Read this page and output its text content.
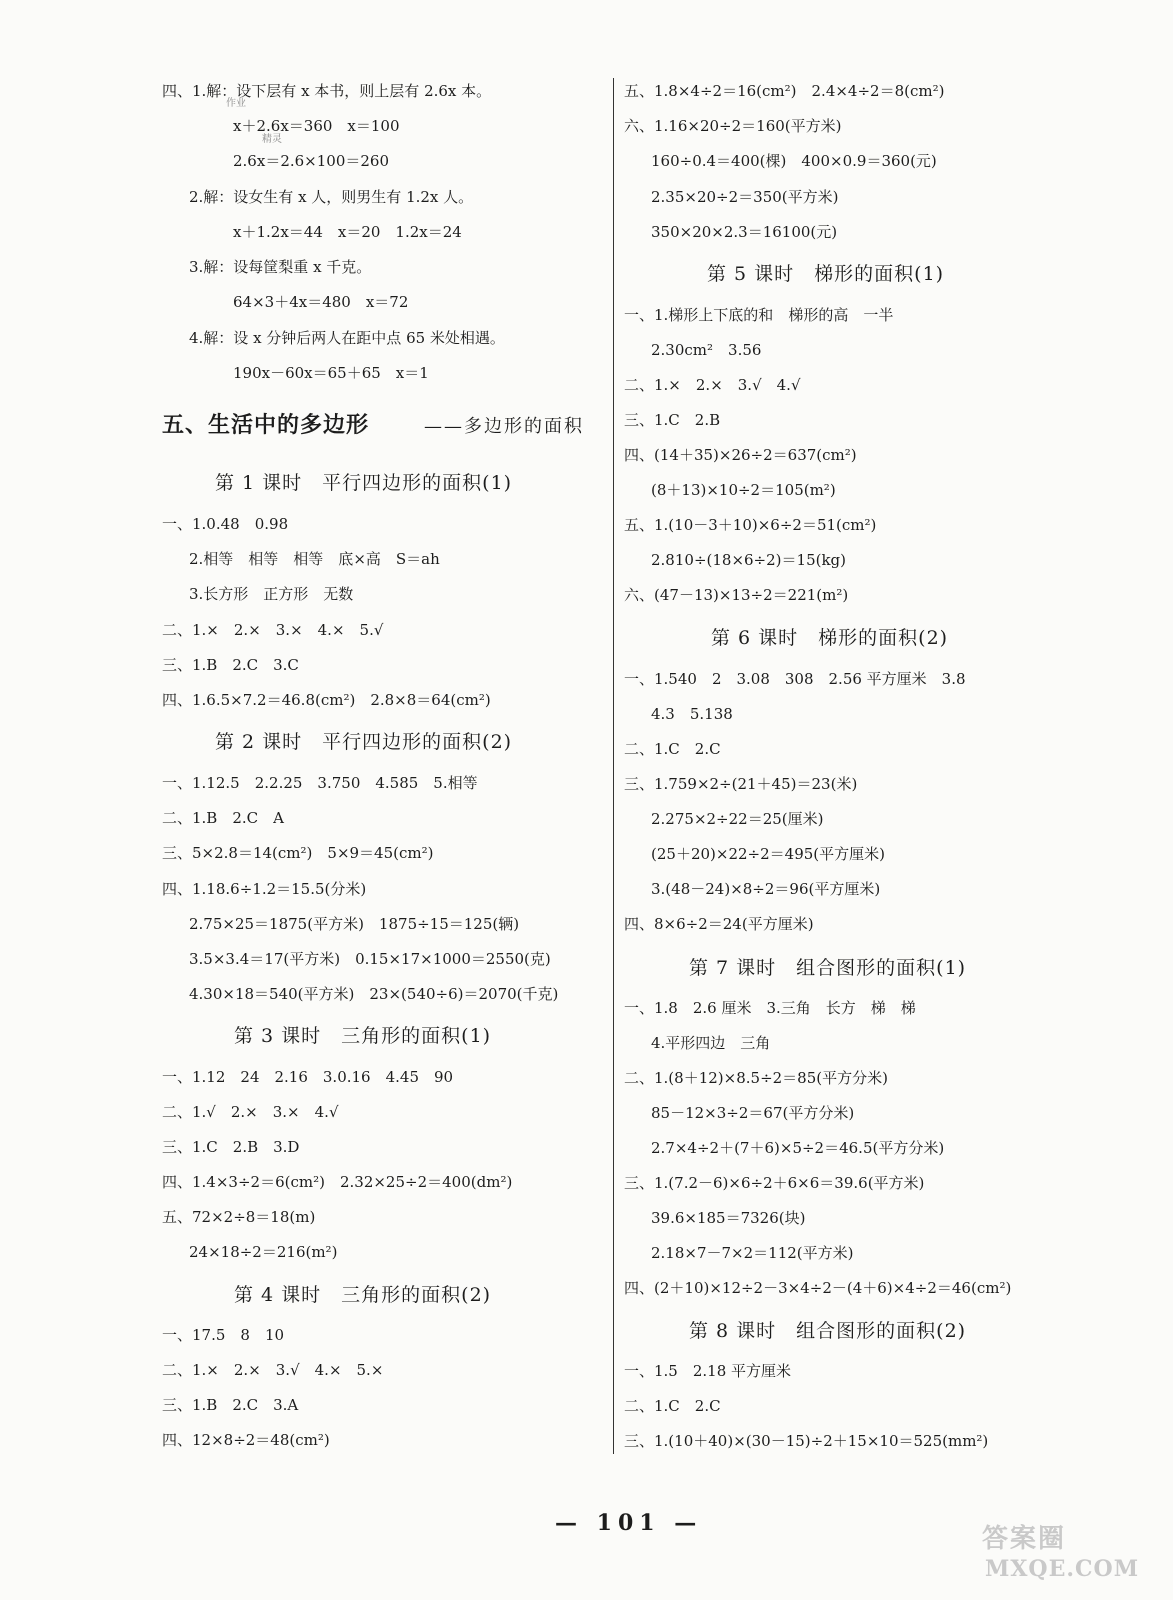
四、1.解：设下层有 x 本书，则上层有 2.6x 本。
作业
x＋2.6x＝360　x＝100
精灵
2.6x＝2.6×100＝260
2.解：设女生有 x 人，则男生有 1.2x 人。
x＋1.2x＝44　x＝20　1.2x＝24
3.解：设每筐梨重 x 千克。
64×3＋4x＝480　x＝72
4.解：设 x 分钟后两人在距中点 65 米处相遇。
190x－60x＝65＋65　x＝1
五、生活中的多边形	——多边形的面积
第 1 课时　平行四边形的面积(1)
一、1.0.48　0.98
2.相等　相等　相等　底×高　S＝ah
3.长方形　正方形　无数
二、1.×　2.×　3.×　4.×　5.√
三、1.B　2.C　3.C
四、1.6.5×7.2＝46.8(cm²)　2.8×8＝64(cm²)
第 2 课时　平行四边形的面积(2)
一、1.12.5　2.2.25　3.750　4.585　5.相等
二、1.B　2.C　A
三、5×2.8＝14(cm²)　5×9＝45(cm²)
四、1.18.6÷1.2＝15.5(分米)
2.75×25＝1875(平方米)　1875÷15＝125(辆)
3.5×3.4＝17(平方米)　0.15×17×1000＝2550(克)
4.30×18＝540(平方米)　23×(540÷6)＝2070(千克)
第 3 课时　三角形的面积(1)
一、1.12　24　2.16　3.0.16　4.45　90
二、1.√　2.×　3.×　4.√
三、1.C　2.B　3.D
四、1.4×3÷2＝6(cm²)　2.32×25÷2＝400(dm²)
五、72×2÷8＝18(m)
24×18÷2＝216(m²)
第 4 课时　三角形的面积(2)
一、17.5　8　10
二、1.×　2.×　3.√　4.×　5.×
三、1.B　2.C　3.A
四、12×8÷2＝48(cm²)
五、1.8×4÷2＝16(cm²)　2.4×4÷2＝8(cm²)
六、1.16×20÷2＝160(平方米)
160÷0.4＝400(棵)　400×0.9＝360(元)
2.35×20÷2＝350(平方米)
350×20×2.3＝16100(元)
第 5 课时　梯形的面积(1)
一、1.梯形上下底的和　梯形的高　一半
2.30cm²　3.56
二、1.×　2.×　3.√　4.√
三、1.C　2.B
四、(14＋35)×26÷2＝637(cm²)
(8＋13)×10÷2＝105(m²)
五、1.(10－3＋10)×6÷2＝51(cm²)
2.810÷(18×6÷2)＝15(kg)
六、(47－13)×13÷2＝221(m²)
第 6 课时　梯形的面积(2)
一、1.540　2　3.08　308　2.56 平方厘米　3.8
4.3　5.138
二、1.C　2.C
三、1.759×2÷(21＋45)＝23(米)
2.275×2÷22＝25(厘米)
(25＋20)×22÷2＝495(平方厘米)
3.(48－24)×8÷2＝96(平方厘米)
四、8×6÷2＝24(平方厘米)
第 7 课时　组合图形的面积(1)
一、1.8　2.6 厘米　3.三角　长方　梯　梯
4.平形四边　三角
二、1.(8＋12)×8.5÷2＝85(平方分米)
85－12×3÷2＝67(平方分米)
2.7×4÷2＋(7＋6)×5÷2＝46.5(平方分米)
三、1.(7.2－6)×6÷2＋6×6＝39.6(平方米)
39.6×185＝7326(块)
2.18×7－7×2＝112(平方米)
四、(2＋10)×12÷2－3×4÷2－(4＋6)×4÷2＝46(cm²)
第 8 课时　组合图形的面积(2)
一、1.5　2.18 平方厘米
二、1.C　2.C
三、1.(10＋40)×(30－15)÷2＋15×10＝525(mm²)
— 101 —
答案圈
MXQE.COM
